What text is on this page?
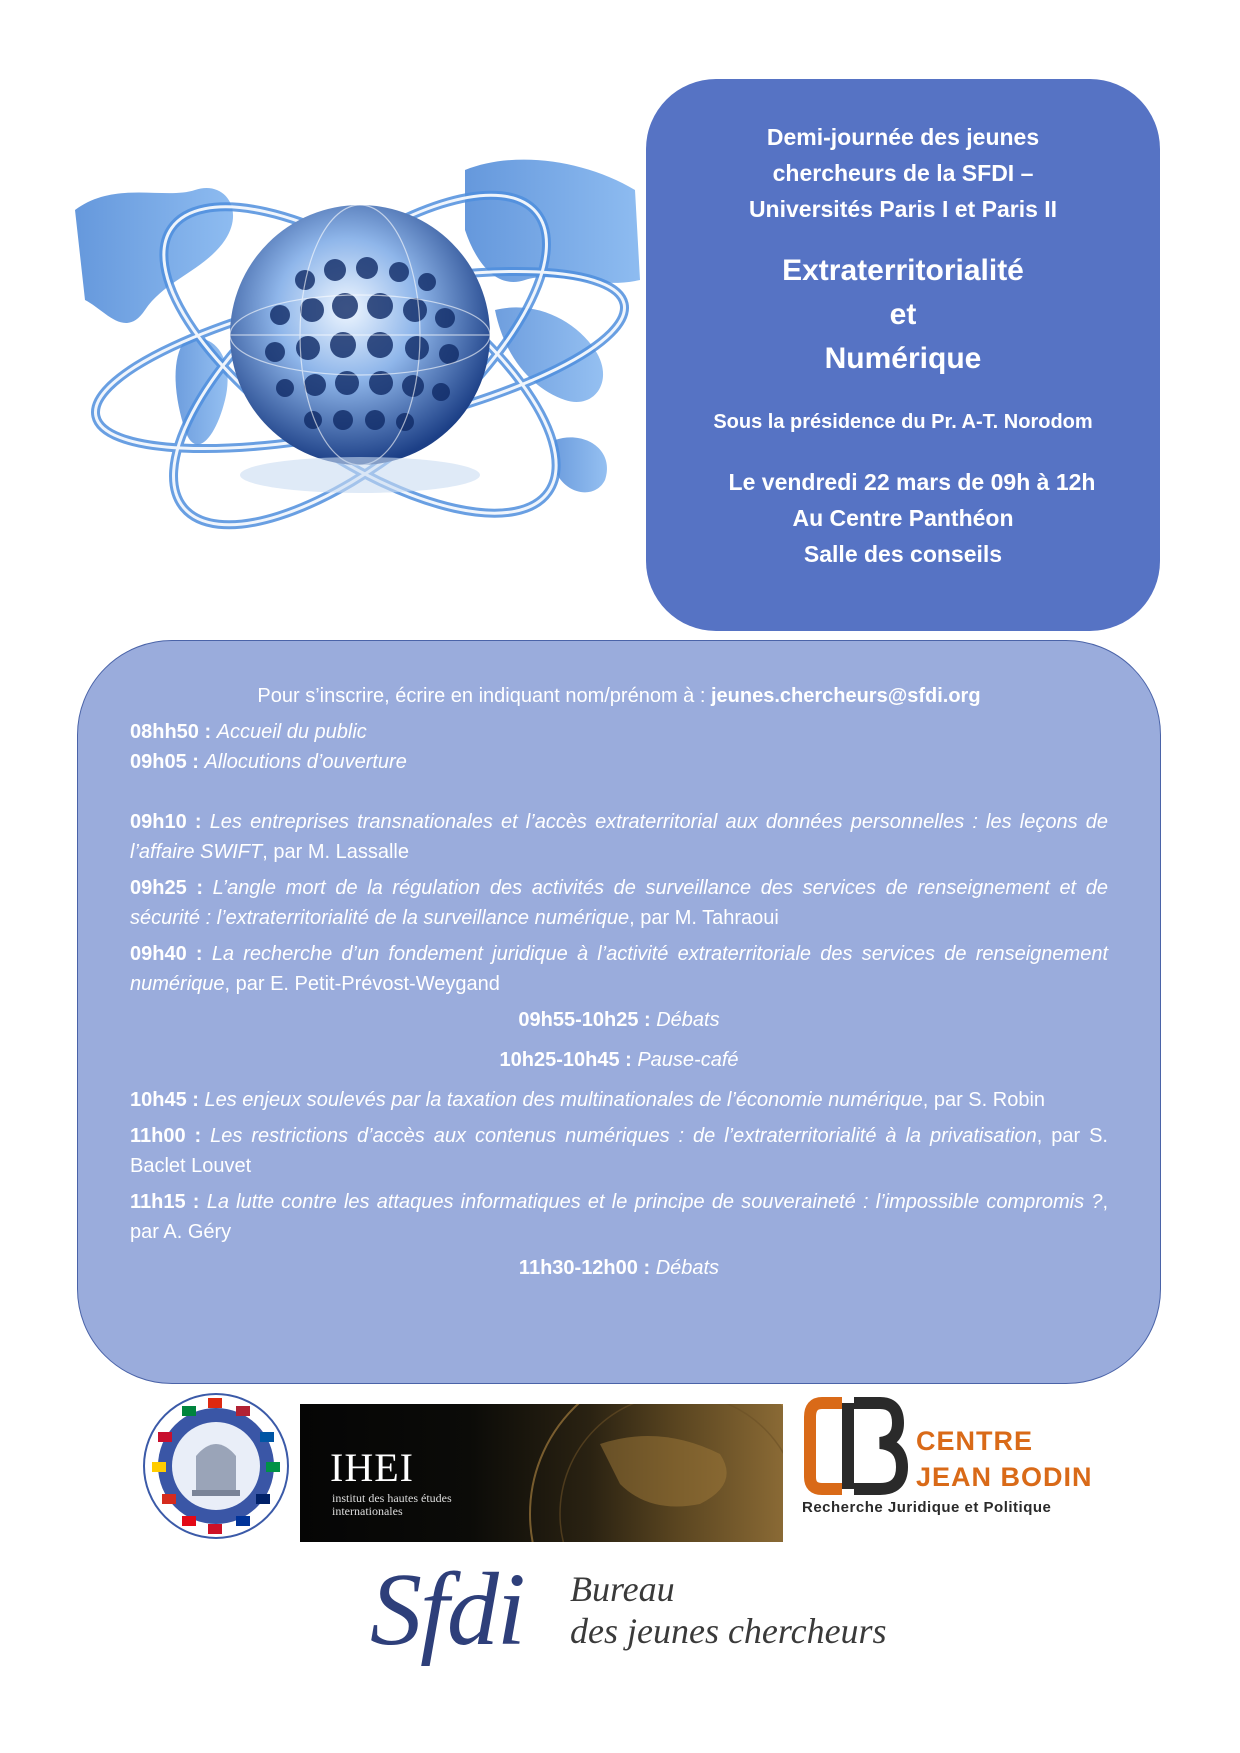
Demi-journée des jeunes

chercheurs de la SFDI –

Universités Paris I et Paris II

Extraterritorialité

et

Numérique

Sous la présidence du Pr. A-T. Norodom

Le vendredi 22 mars de 09h à 12h

Au Centre Panthéon

Salle des conseils

Pour s’inscrire, écrire en indiquant nom/prénom à : jeunes.chercheurs@sfdi.org

08hh50 : Accueil du public

09h05 : Allocutions d’ouverture

09h10 : Les entreprises transnationales et l’accès extraterritorial aux données personnelles : les leçons de l’affaire SWIFT, par M. Lassalle

09h25 : L’angle mort de la régulation des activités de surveillance des services de renseignement et de sécurité : l’extraterritorialité de la surveillance numérique, par M. Tahraoui

09h40 : La recherche d’un fondement juridique à l’activité extraterritoriale des services de renseignement numérique, par E. Petit-Prévost-Weygand

09h55-10h25 : Débats

10h25-10h45 : Pause-café

10h45 : Les enjeux soulevés par la taxation des multinationales de l’économie numérique, par S. Robin

11h00 : Les restrictions d’accès aux contenus numériques : de l’extraterritorialité à la privatisation, par S. Baclet Louvet

11h15 : La lutte contre les attaques informatiques et le principe de souveraineté : l’impossible compromis ?, par A. Géry

11h30-12h00 : Débats

IHEI
institut des hautes études internationales
CENTRE
JEAN BODIN
Recherche Juridique et Politique
Sfdi Bureau
des jeunes chercheurs
